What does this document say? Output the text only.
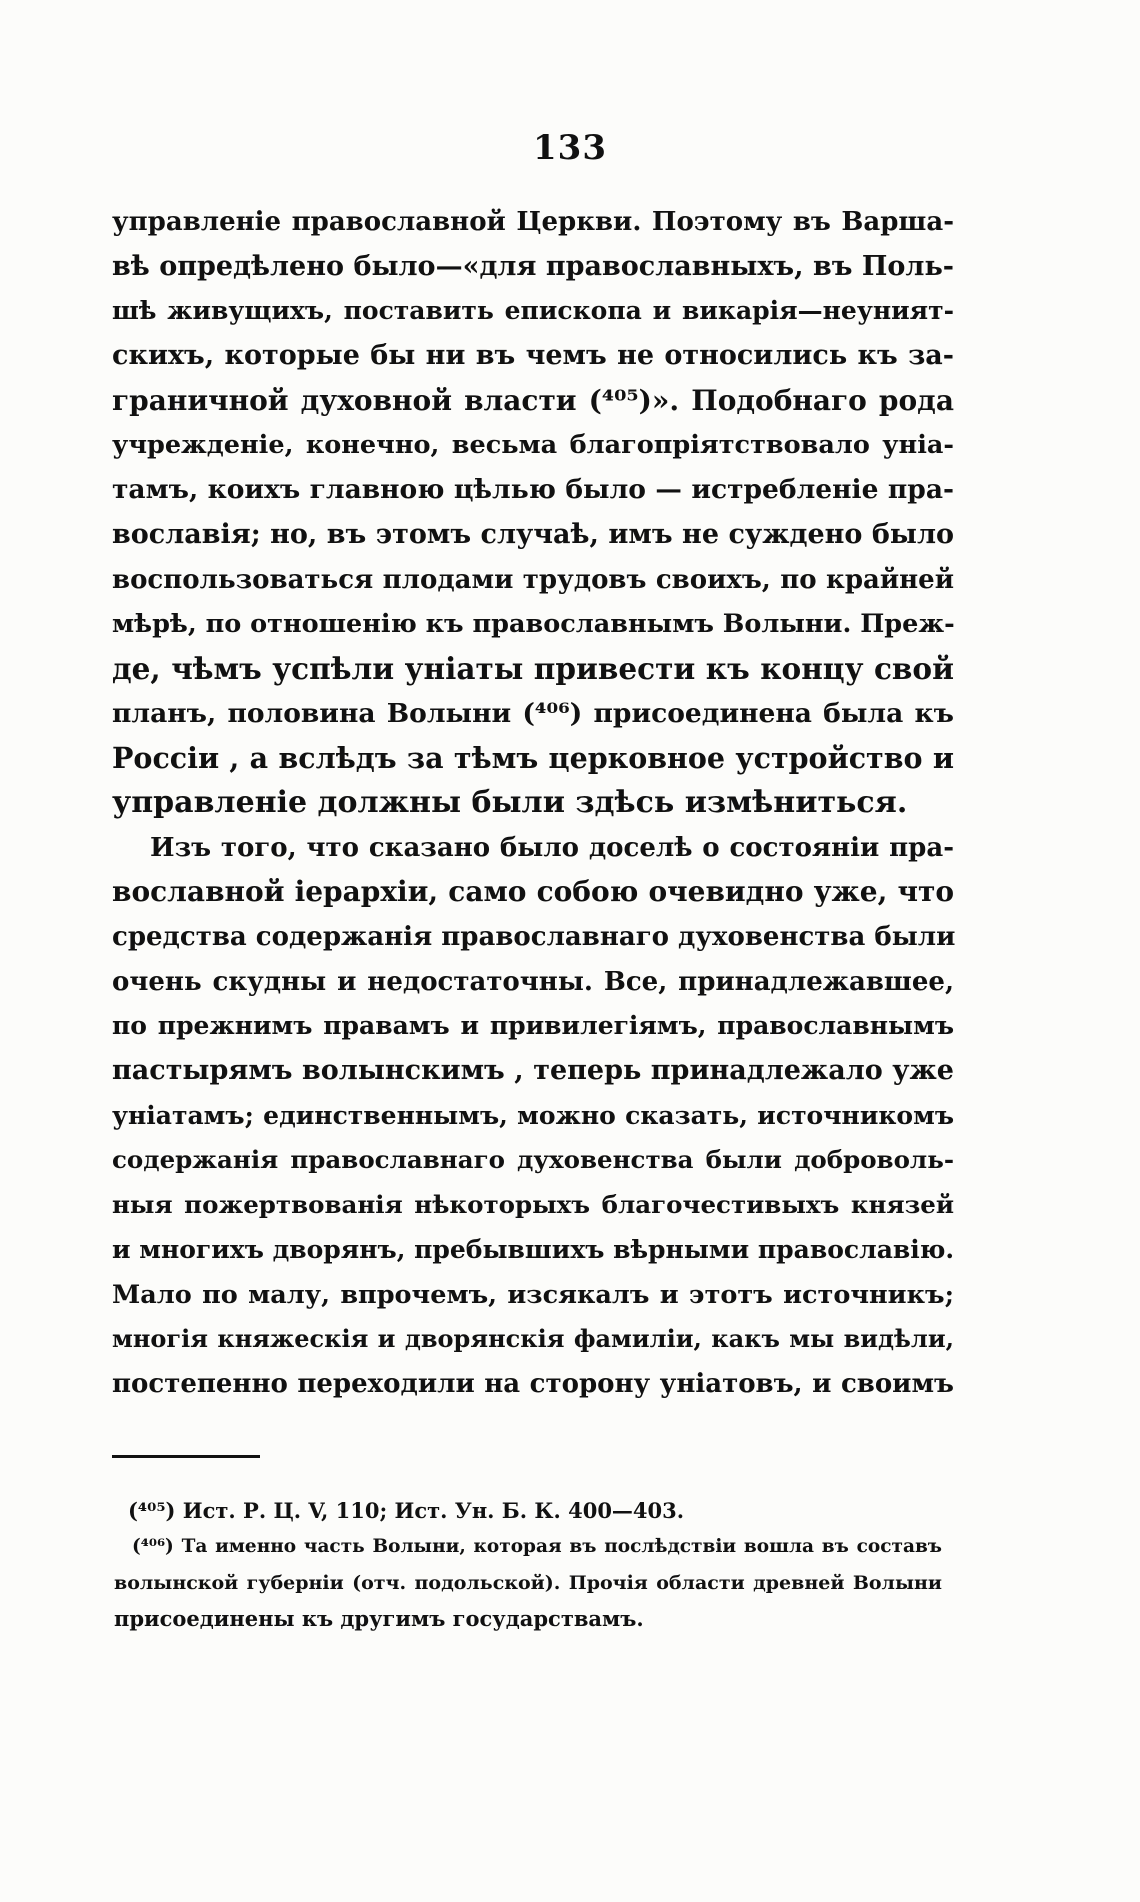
133
управленіе православной Церкви. Поэтому въ Варша-
вѣ опредѣлено было—«для православныхъ, въ Поль-
шѣ живущихъ, поставить епископа и викарія—неуният-
скихъ, которые бы ни въ чемъ не относились къ за-
граничной духовной власти (⁴⁰⁵)». Подобнаго рода
учрежденіе, конечно, весьма благопріятствовало уніа-
тамъ, коихъ главною цѣлью было — истребленіе пра-
вославія; но, въ этомъ случаѣ, имъ не суждено было
воспользоваться плодами трудовъ своихъ, по крайней
мѣрѣ, по отношенію къ православнымъ Волыни. Преж-
де, чѣмъ успѣли уніаты привести къ концу свой
планъ, половина Волыни (⁴⁰⁶) присоединена была къ
Россіи , а вслѣдъ за тѣмъ церковное устройство и
управленіе должны были здѣсь измѣниться.
Изъ того, что сказано было доселѣ о состояніи пра-
вославной іерархіи, само собою очевидно уже, что
средства содержанія православнаго духовенства были
очень скудны и недостаточны. Все, принадлежавшее,
по прежнимъ правамъ и привилегіямъ, православнымъ
пастырямъ волынскимъ , теперь принадлежало уже
уніатамъ; единственнымъ, можно сказать, источникомъ
содержанія православнаго духовенства были доброволь-
ныя пожертвованія нѣкоторыхъ благочестивыхъ князей
и многихъ дворянъ, пребывшихъ вѣрными православію.
Мало по малу, впрочемъ, изсякалъ и этотъ источникъ;
многія княжескія и дворянскія фамиліи, какъ мы видѣли,
постепенно переходили на сторону уніатовъ, и своимъ
(⁴⁰⁵) Ист. Р. Ц. V, 110; Ист. Ун. Б. К. 400—403.
(⁴⁰⁶) Та именно часть Волыни, которая въ послѣдствіи вошла въ составъ
волынской губерніи (отч. подольской). Прочія области древней Волыни
присоединены къ другимъ государствамъ.
